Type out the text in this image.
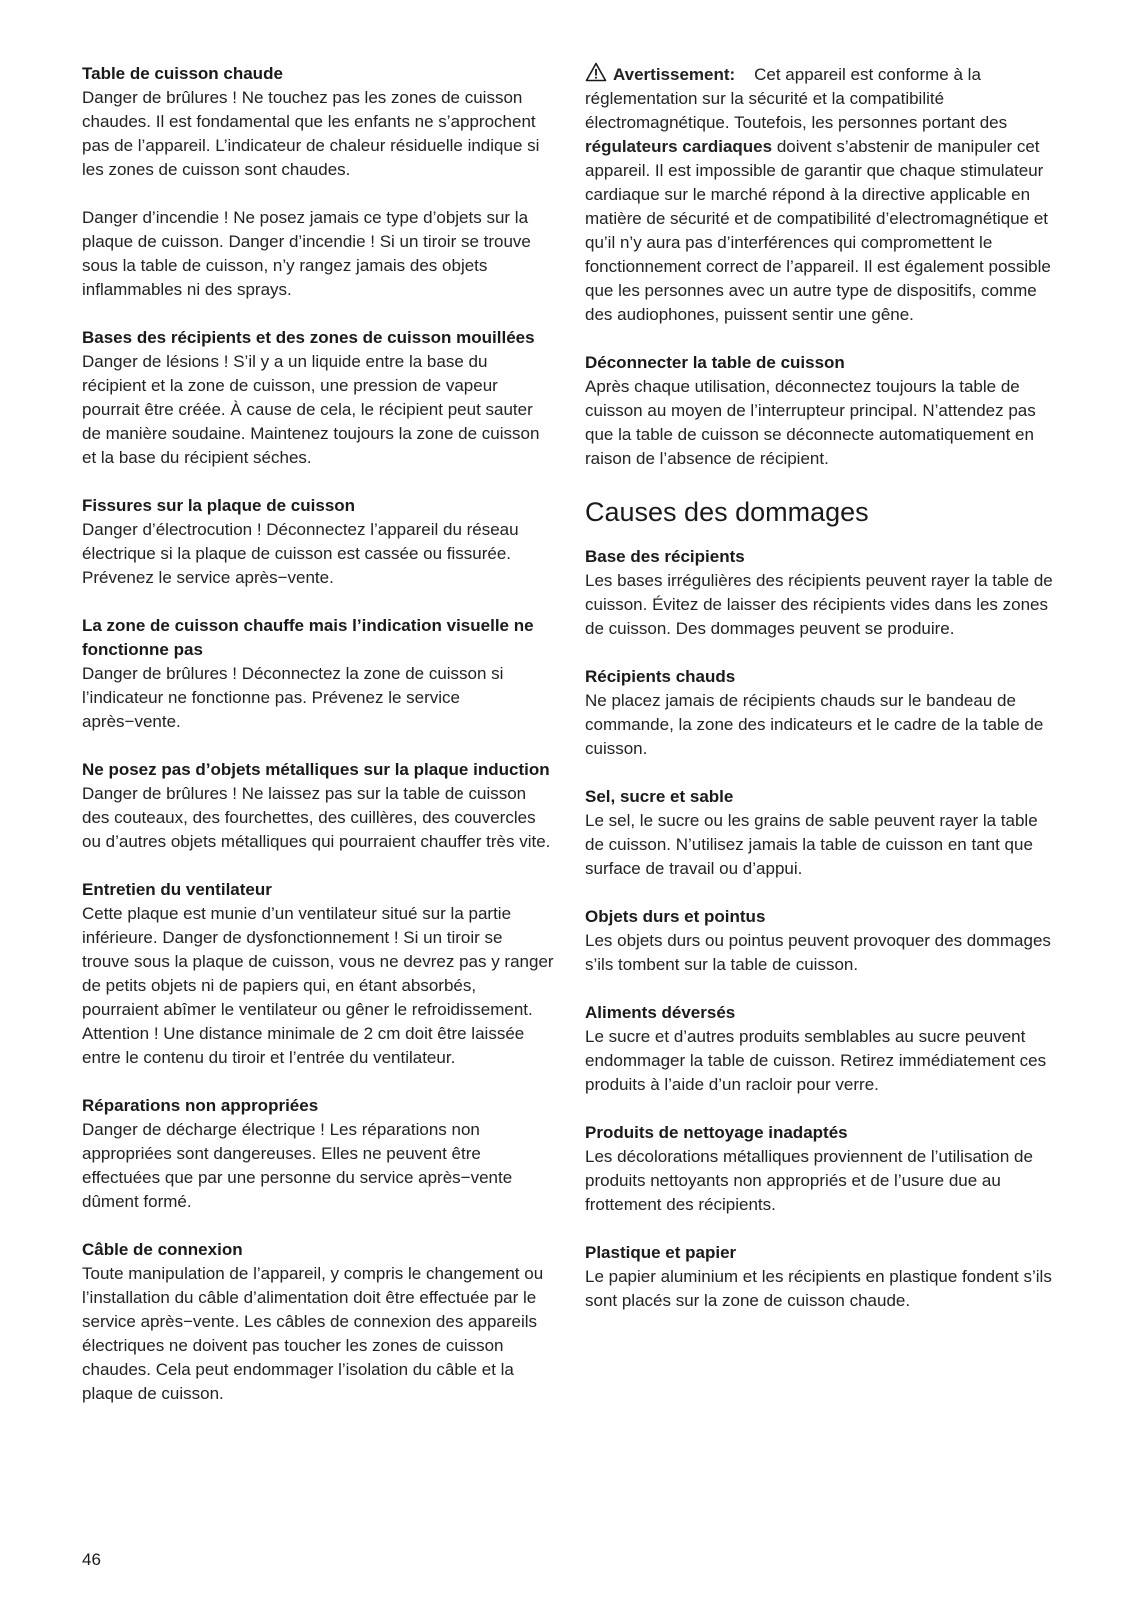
Table de cuisson chaude

Danger de brûlures ! Ne touchez pas les zones de cuisson chaudes. Il est fondamental que les enfants ne s’approchent pas de l’appareil. L’indicateur de chaleur résiduelle indique si les zones de cuisson sont chaudes.

Danger d’incendie ! Ne posez jamais ce type d’objets sur la plaque de cuisson. Danger d’incendie ! Si un tiroir se trouve sous la table de cuisson, n’y rangez jamais des objets inflammables ni des sprays.

Bases des récipients et des zones de cuisson mouillées

Danger de lésions ! S’il y a un liquide entre la base du récipient et la zone de cuisson, une pression de vapeur pourrait être créée. À cause de cela, le récipient peut sauter de manière soudaine. Maintenez toujours la zone de cuisson et la base du récipient séches.

Fissures sur la plaque de cuisson

Danger d’électrocution ! Déconnectez l’appareil du réseau électrique si la plaque de cuisson est cassée ou fissurée. Prévenez le service après−vente.

La zone de cuisson chauffe mais l’indication visuelle ne fonctionne pas

Danger de brûlures ! Déconnectez la zone de cuisson si l’indicateur ne fonctionne pas. Prévenez le service après−vente.

Ne posez pas d’objets métalliques sur la plaque induction

Danger de brûlures ! Ne laissez pas sur la table de cuisson des couteaux, des fourchettes, des cuillères, des couvercles ou d’autres objets métalliques qui pourraient chauffer très vite.

Entretien du ventilateur

Cette plaque est munie d’un ventilateur situé sur la partie inférieure. Danger de dysfonctionnement ! Si un tiroir se trouve sous la plaque de cuisson, vous ne devrez pas y ranger de petits objets ni de papiers qui, en étant absorbés, pourraient abîmer le ventilateur ou gêner le refroidissement. Attention ! Une distance minimale de 2 cm doit être laissée entre le contenu du tiroir et l’entrée du ventilateur.

Réparations non appropriées

Danger de décharge électrique ! Les réparations non appropriées sont dangereuses. Elles ne peuvent être effectuées que par une personne du service après−vente dûment formé.

Câble de connexion

Toute manipulation de l’appareil, y compris le changement ou l’installation du câble d’alimentation doit être effectuée par le service après−vente. Les câbles de connexion des appareils électriques ne doivent pas toucher les zones de cuisson chaudes. Cela peut endommager l’isolation du câble et la plaque de cuisson.

Avertissement: Cet appareil est conforme à la réglementation sur la sécurité et la compatibilité électromagnétique. Toutefois, les personnes portant des régulateurs cardiaques doivent s’abstenir de manipuler cet appareil. Il est impossible de garantir que chaque stimulateur cardiaque sur le marché répond à la directive applicable en matière de sécurité et de compatibilité d’electromagnétique et qu’il n’y aura pas d’interférences qui compromettent le fonctionnement correct de l’appareil. Il est également possible que les personnes avec un autre type de dispositifs, comme des audiophones, puissent sentir une gêne.

Déconnecter la table de cuisson

Après chaque utilisation, déconnectez toujours la table de cuisson au moyen de l’interrupteur principal. N’attendez pas que la table de cuisson se déconnecte automatiquement en raison de l’absence de récipient.

Causes des dommages
Base des récipients

Les bases irrégulières des récipients peuvent rayer la table de cuisson. Évitez de laisser des récipients vides dans les zones de cuisson. Des dommages peuvent se produire.

Récipients chauds

Ne placez jamais de récipients chauds sur le bandeau de commande, la zone des indicateurs et le cadre de la table de cuisson.

Sel, sucre et sable

Le sel, le sucre ou les grains de sable peuvent rayer la table de cuisson. N’utilisez jamais la table de cuisson en tant que surface de travail ou d’appui.

Objets durs et pointus

Les objets durs ou pointus peuvent provoquer des dommages s’ils tombent sur la table de cuisson.

Aliments déversés

Le sucre et d’autres produits semblables au sucre peuvent endommager la table de cuisson. Retirez immédiatement ces produits à l’aide d’un racloir pour verre.

Produits de nettoyage inadaptés

Les décolorations métalliques proviennent de l’utilisation de produits nettoyants non appropriés et de l’usure due au frottement des récipients.

Plastique et papier

Le papier aluminium et les récipients en plastique fondent s’ils sont placés sur la zone de cuisson chaude.

46
